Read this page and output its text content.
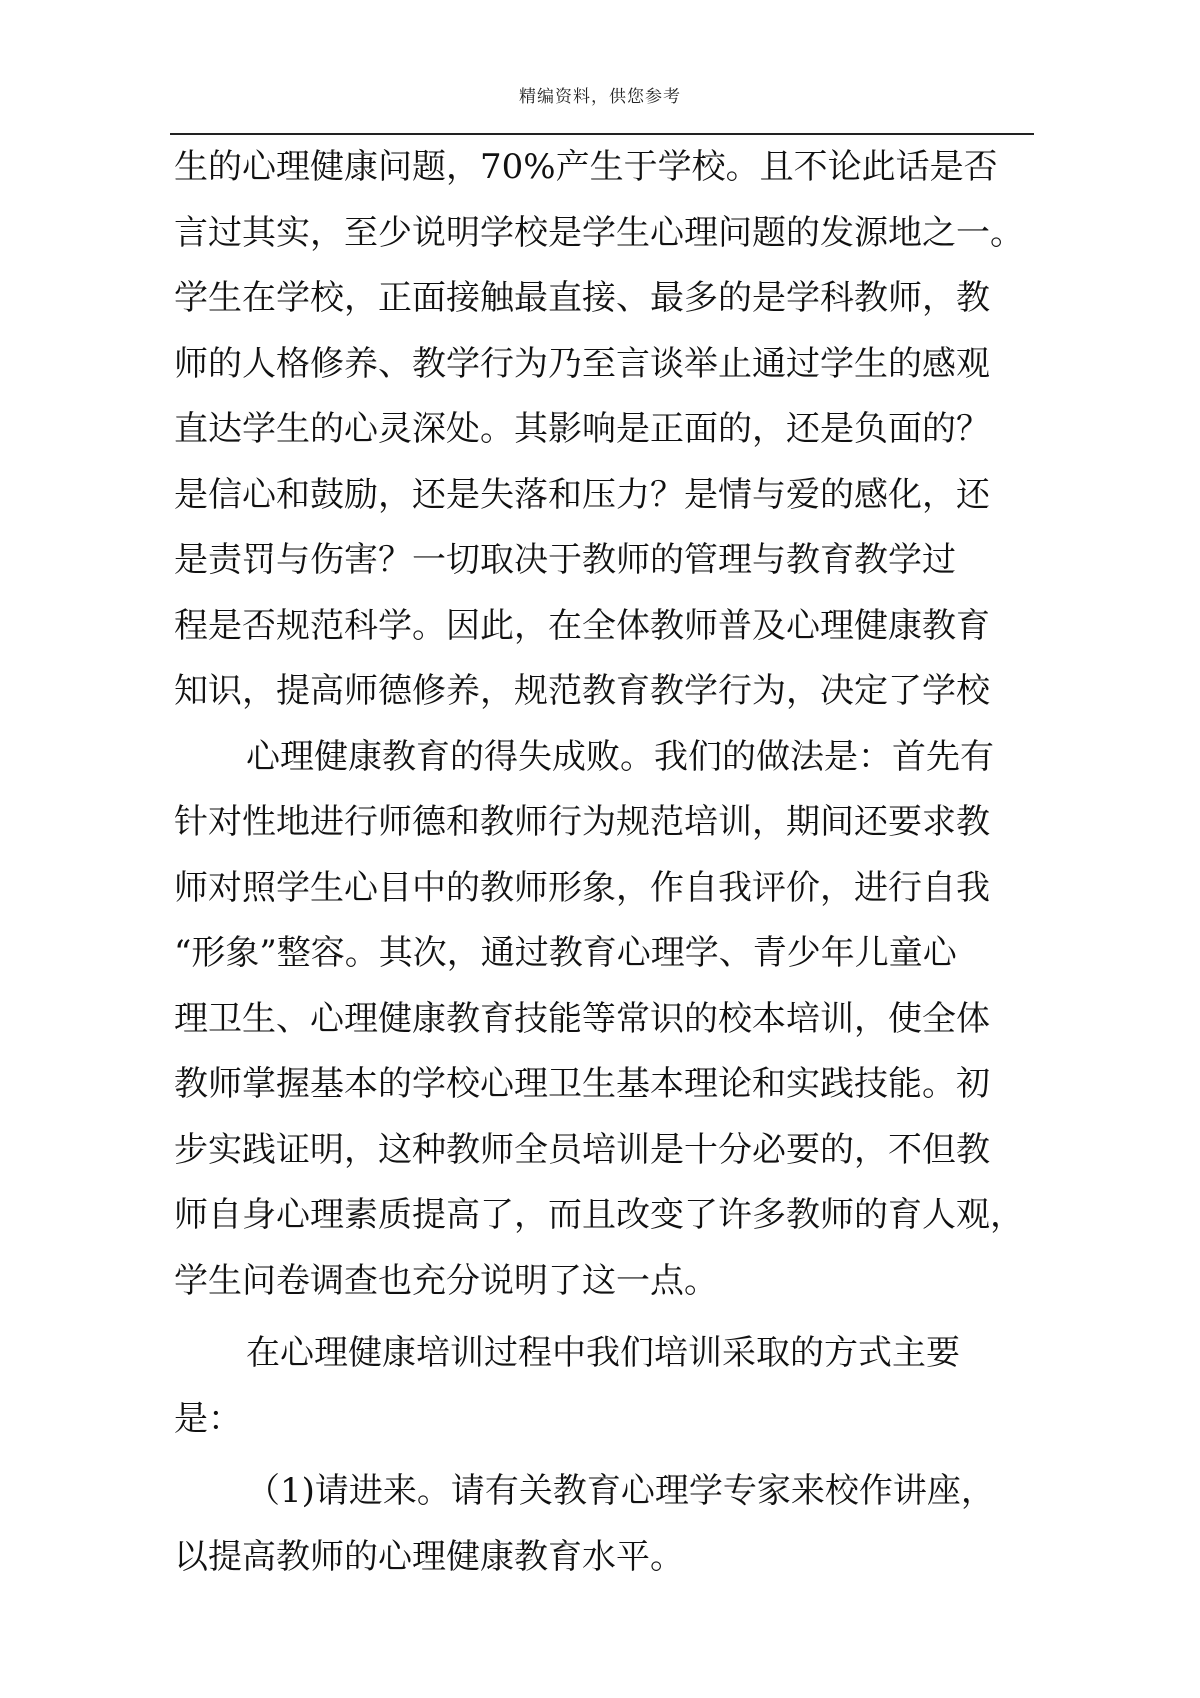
精编资料，供您参考
生的心理健康问题，70%产生于学校。且不论此话是否
言过其实，至少说明学校是学生心理问题的发源地之一。
学生在学校，正面接触最直接、最多的是学科教师，教
师的人格修养、教学行为乃至言谈举止通过学生的感观
直达学生的心灵深处。其影响是正面的，还是负面的？
是信心和鼓励，还是失落和压力？是情与爱的感化，还
是责罚与伤害？一切取决于教师的管理与教育教学过
程是否规范科学。因此，在全体教师普及心理健康教育
知识，提高师德修养，规范教育教学行为，决定了学校
心理健康教育的得失成败。我们的做法是：首先有
针对性地进行师德和教师行为规范培训，期间还要求教
师对照学生心目中的教师形象，作自我评价，进行自我
“形象”整容。其次，通过教育心理学、青少年儿童心
理卫生、心理健康教育技能等常识的校本培训，使全体
教师掌握基本的学校心理卫生基本理论和实践技能。初
步实践证明，这种教师全员培训是十分必要的，不但教
师自身心理素质提高了，而且改变了许多教师的育人观，
学生问卷调查也充分说明了这一点。
在心理健康培训过程中我们培训采取的方式主要
是：
（1)请进来。请有关教育心理学专家来校作讲座，
以提高教师的心理健康教育水平。
